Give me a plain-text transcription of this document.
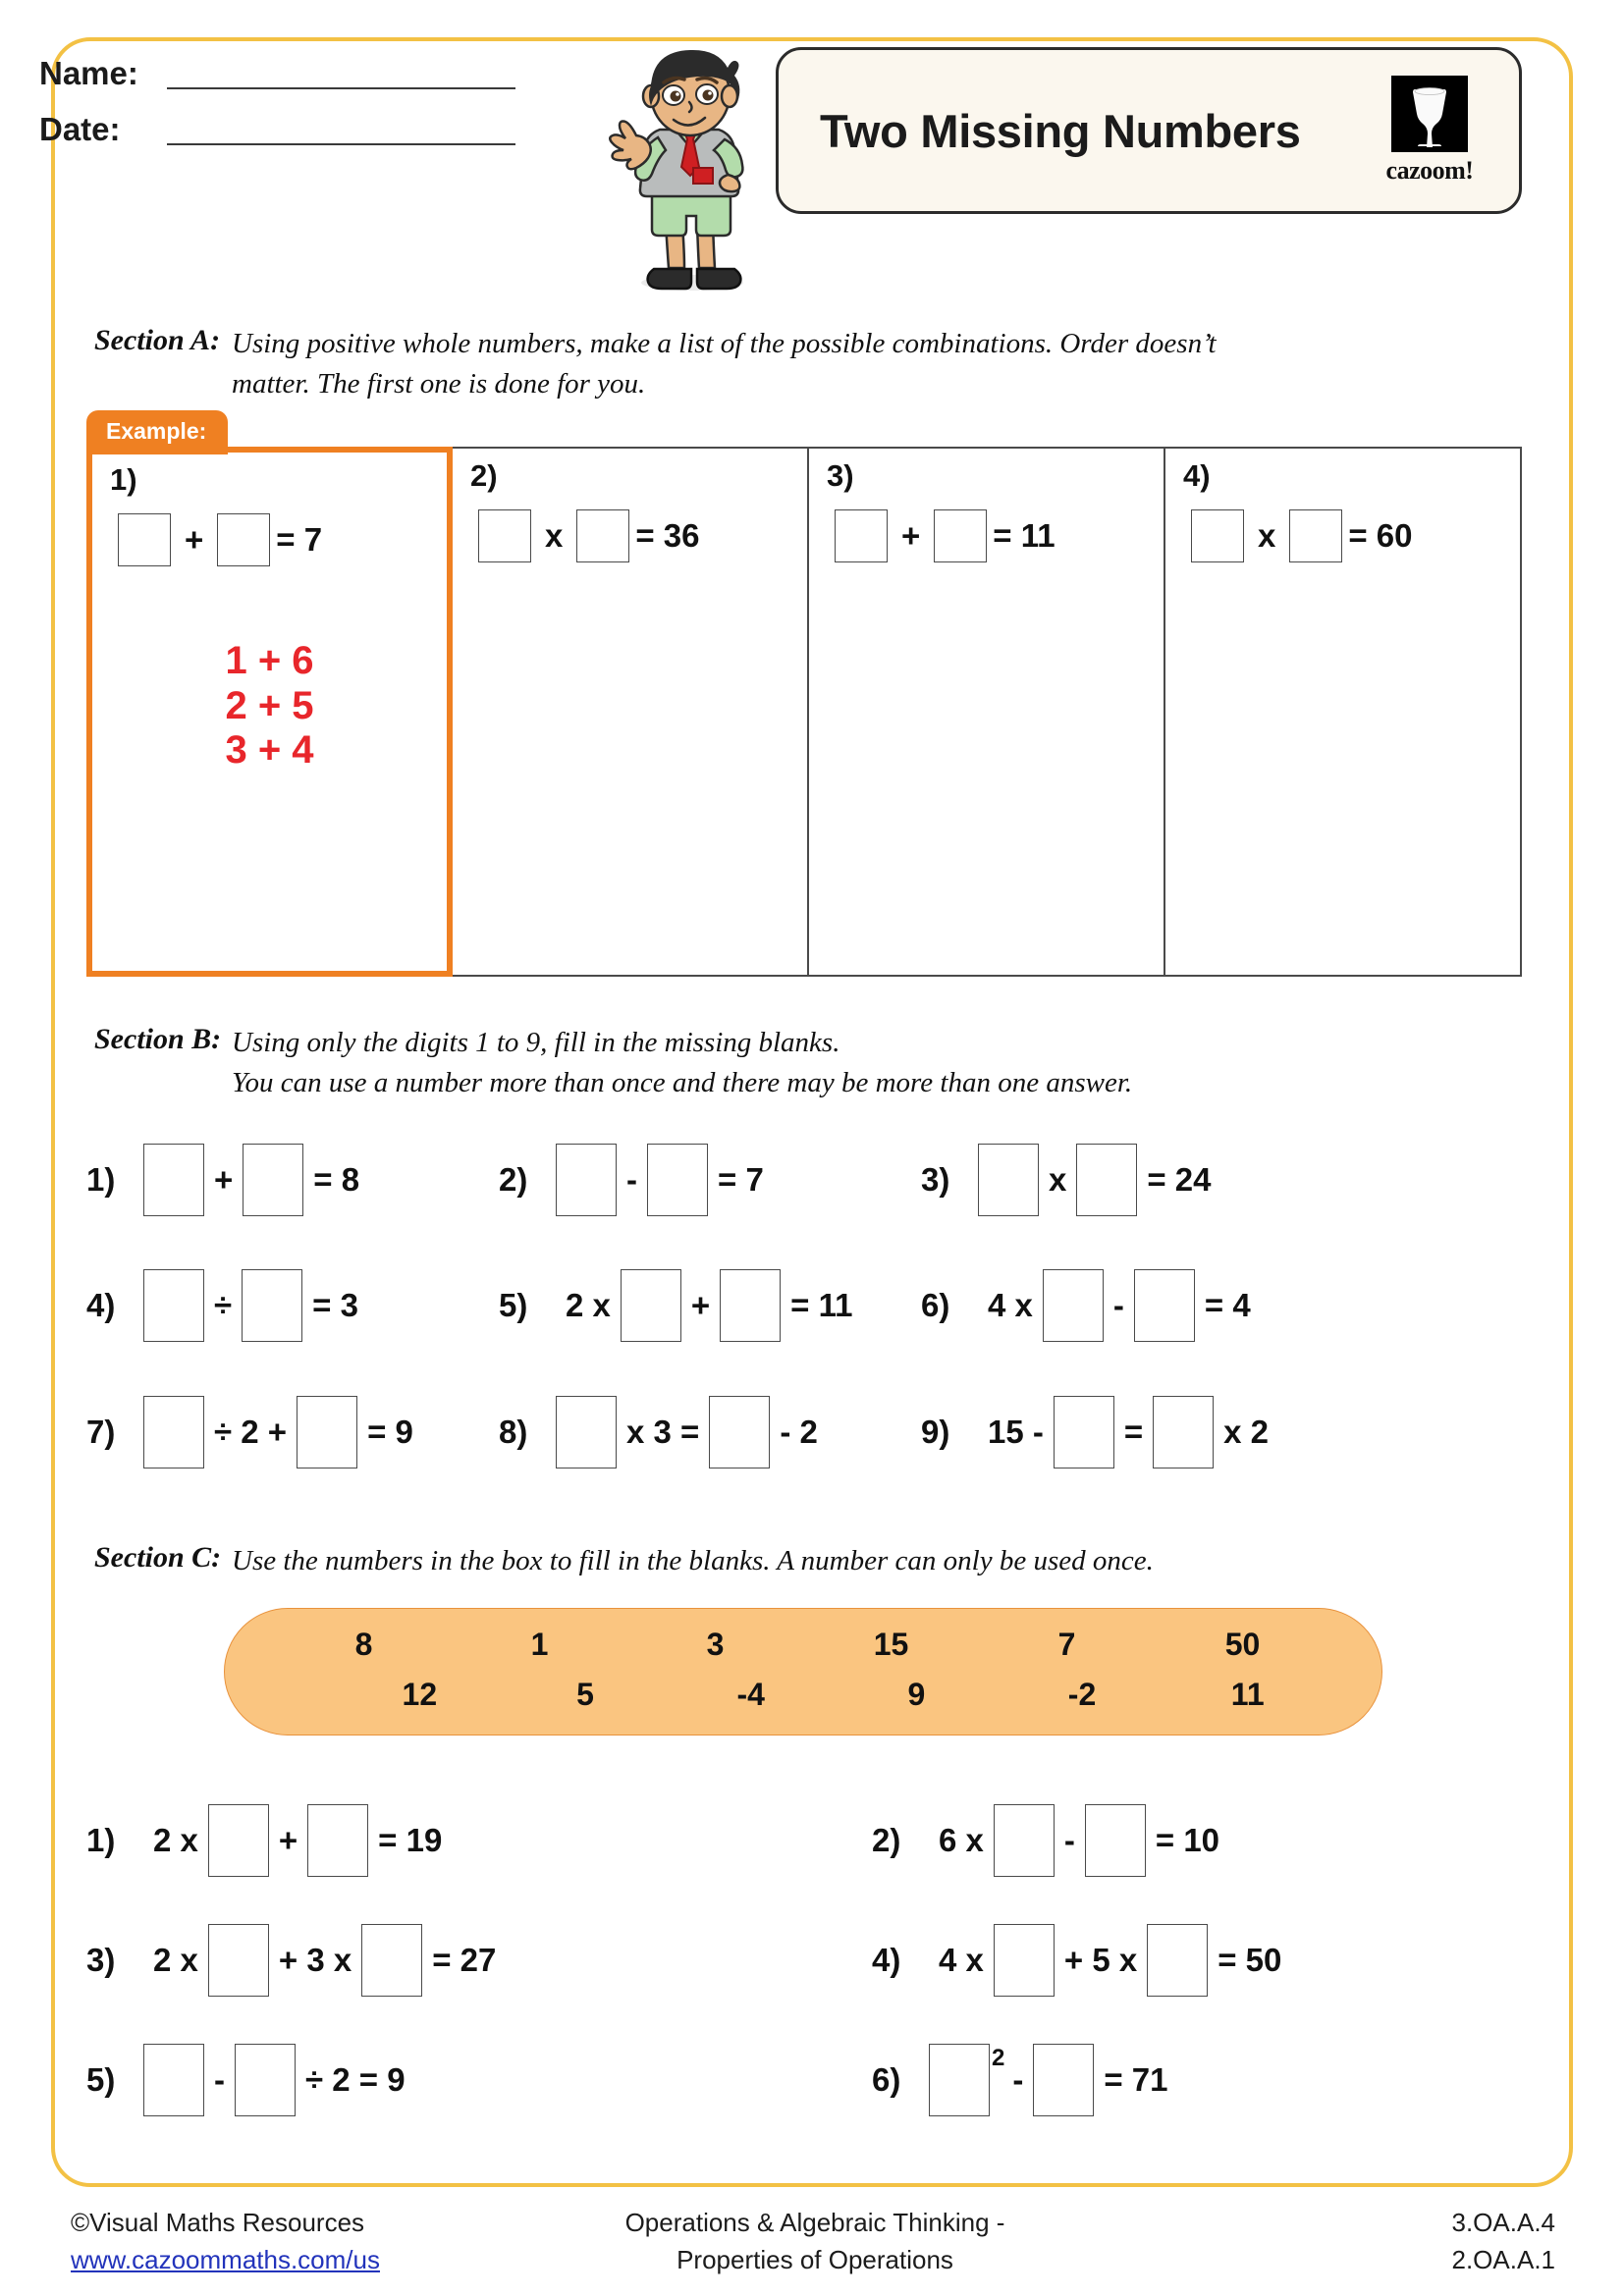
Name:
Date:	Two Missing Numbers
cazoom!
Section A: Using positive whole numbers, make a list of the possible combinations. Order doesn’t
matter. The first one is done for you.
Example:
1)
+	= 7
1 + 6
2 + 5
3 + 4
2)
x	= 36
3)
+	= 11
4)
x	= 60
Section B: Using only the digits 1 to 9, fill in the missing blanks.
You can use a number more than once and there may be more than one answer.
1)	+	= 8	2)	-	= 7	3)	x	= 24
4)	÷	= 3	5)	2 x	+	= 11	6)	4 x	-	= 4
7)	÷ 2 +	= 9	8)	x 3 =	- 2	9)	15 -	=	x 2
Section C: Use the numbers in the box to fill in the blanks. A number can only be used once.
8	1	3	15	7	50
12	5	-4	9	-2	11
1)	2 x	+	= 19	2)	6 x	-	= 10
3)	2 x	+ 3 x	= 27	4)	4 x	+ 5 x	= 50
5)	-	÷ 2 = 9	6)
2
-	= 71
©Visual Maths Resources
www.cazoommaths.com/us
Operations & Algebraic Thinking -
Properties of Operations
3.OA.A.4
2.OA.A.1
